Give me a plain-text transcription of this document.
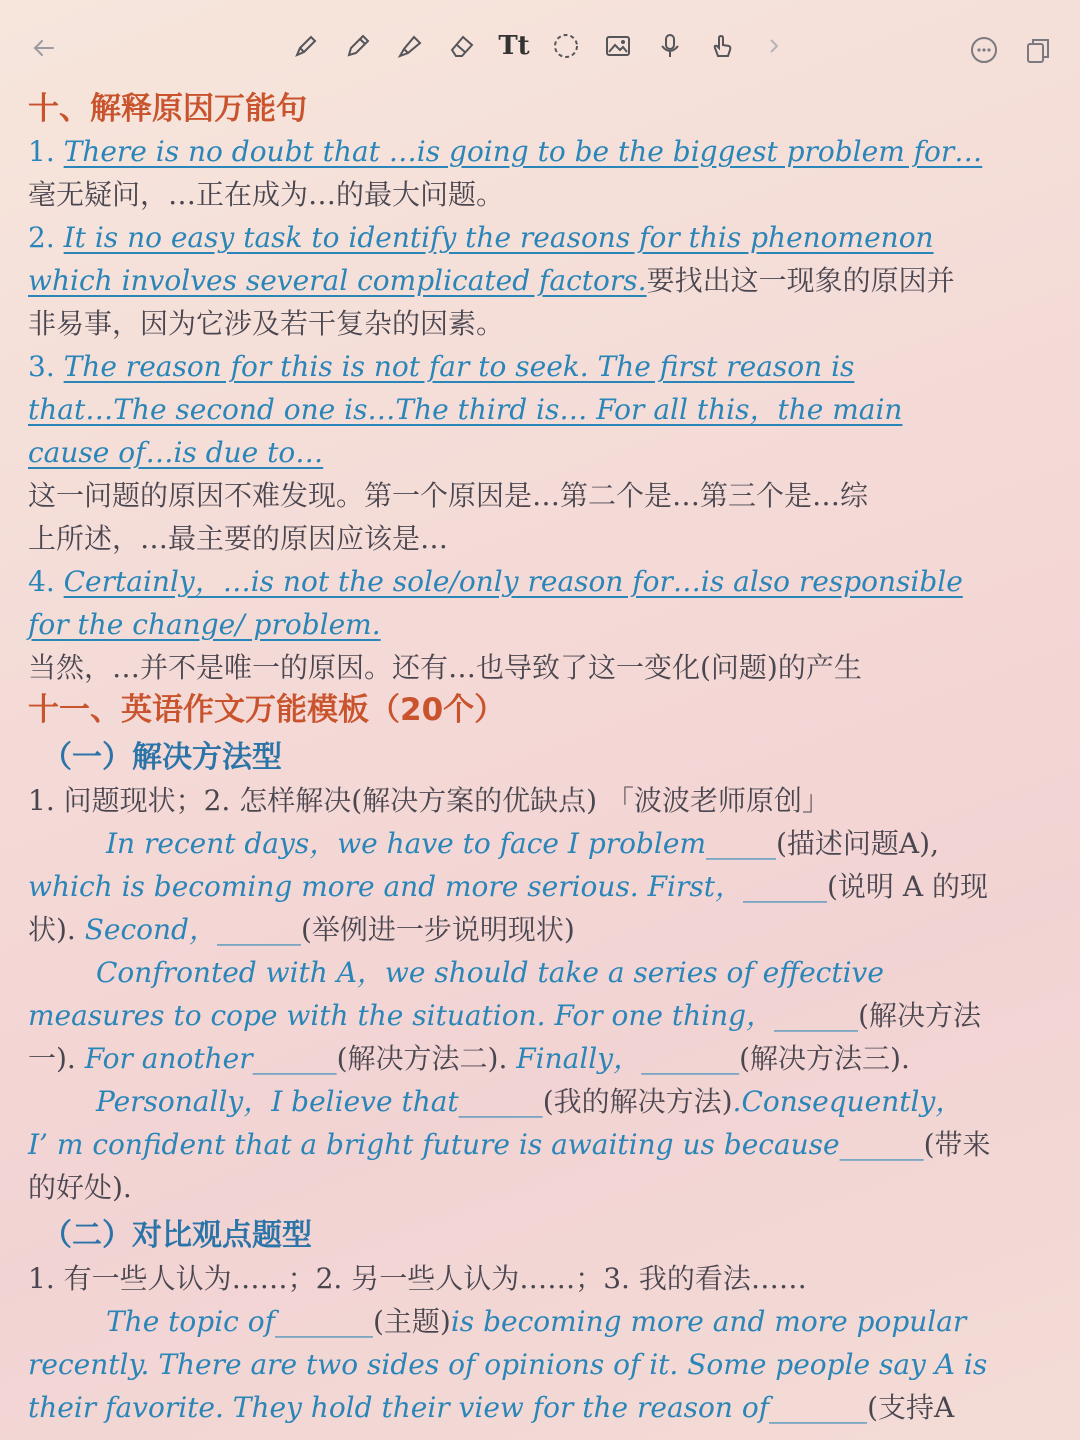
Tt

十、解释原因万能句

1. There is no doubt that …is going to be the biggest problem for…

毫无疑问，…正在成为…的最大问题。

2. It is no easy task to identify the reasons for this phenomenon

which involves several complicated factors.要找出这一现象的原因并

非易事，因为它涉及若干复杂的因素。

3. The reason for this is not far to seek. The first reason is

that…The second one is…The third is… For all this，the main

cause of…is due to…

这一问题的原因不难发现。第一个原因是…第二个是…第三个是…综

上所述，…最主要的原因应该是…

4. Certainly，…is not the sole/only reason for…is also responsible

for the change/ problem.

当然，…并不是唯一的原因。还有…也导致了这一变化(问题)的产生

十一、英语作文万能模板（20个）

（一）解决方法型

1. 问题现状；2. 怎样解决(解决方案的优缺点) 「波波老师原创」

In recent days，we have to face I problem_____(描述问题A),

which is becoming more and more serious. First，______(说明 A 的现

状). Second，______(举例进一步说明现状)

Confronted with A，we should take a series of effective

measures to cope with the situation. For one thing，______(解决方法

一). For another______(解决方法二). Finally，_______(解决方法三).

Personally，I believe that______(我的解决方法).Consequently，

I’ m confident that a bright future is awaiting us because______(带来

的好处).

（二）对比观点题型

1. 有一些人认为……；2. 另一些人认为……；3. 我的看法……

The topic of_______(主题)is becoming more and more popular

recently. There are two sides of opinions of it. Some people say A is

their favorite. They hold their view for the reason of_______(支持A
